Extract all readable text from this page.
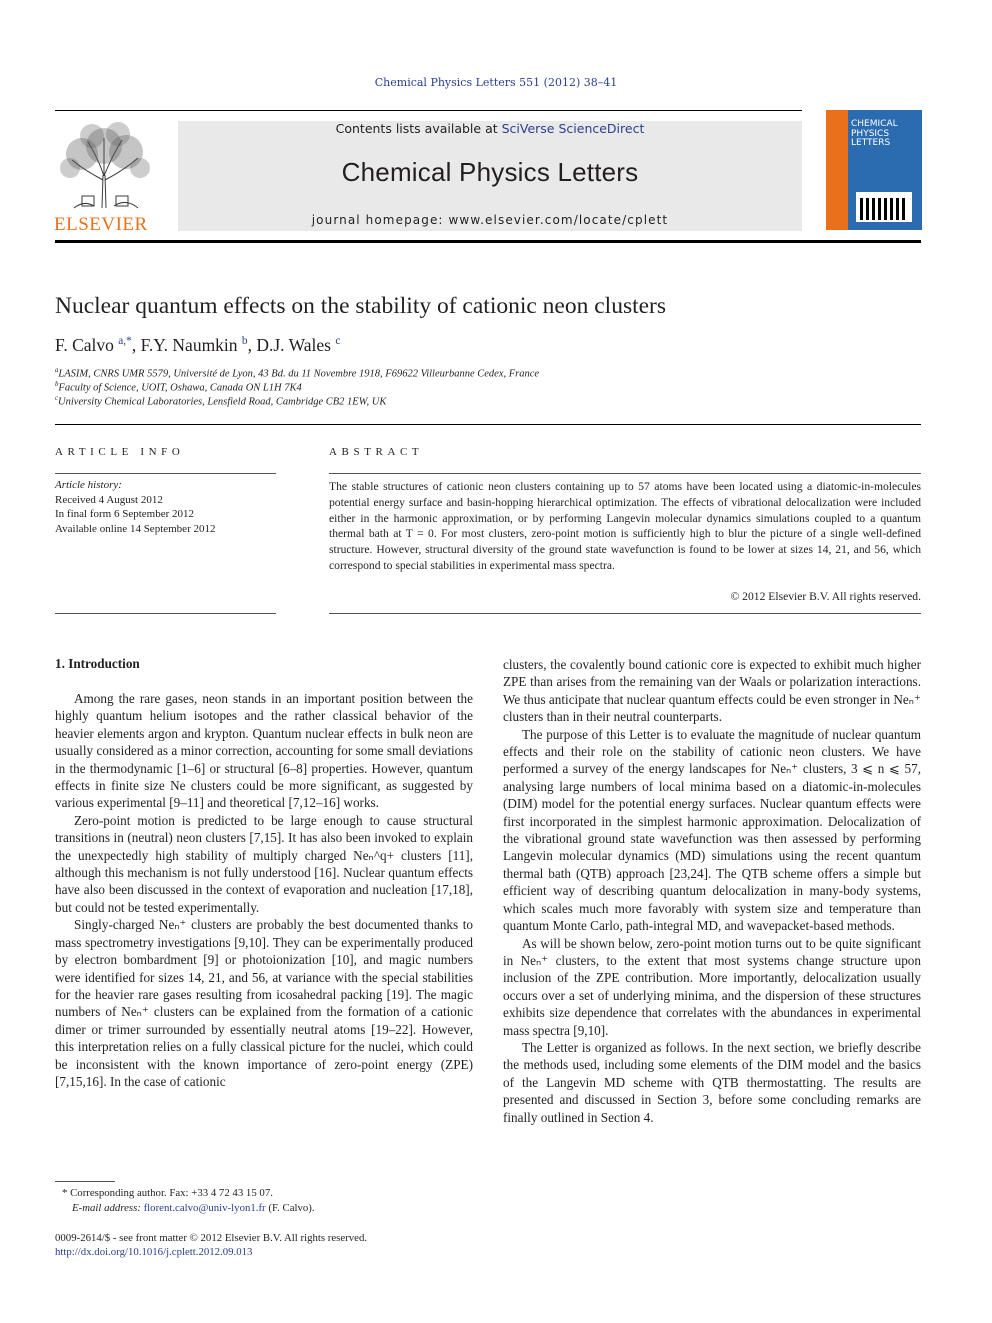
Chemical Physics Letters 551 (2012) 38–41
ELSEVIER
Contents lists available at SciVerse ScienceDirect
Chemical Physics Letters
journal homepage: www.elsevier.com/locate/cplett
CHEMICAL
PHYSICS
LETTERS
Nuclear quantum effects on the stability of cationic neon clusters
F. Calvo $^{a,*}$, F.Y. Naumkin $^b$, D.J. Wales $^c$
$^a$LASIM, CNRS UMR 5579, Université de Lyon, 43 Bd. du 11 Novembre 1918, F69622 Villeurbanne Cedex, France
$^b$Faculty of Science, UOIT, Oshawa, Canada ON L1H 7K4
$^c$University Chemical Laboratories, Lensfield Road, Cambridge CB2 1EW, UK
ARTICLE INFO
Article history:
Received 4 August 2012
In final form 6 September 2012
Available online 14 September 2012
ABSTRACT
The stable structures of cationic neon clusters containing up to 57 atoms have been located using a diatomic-in-molecules potential energy surface and basin-hopping hierarchical optimization. The effects of vibrational delocalization were included either in the harmonic approximation, or by performing Langevin molecular dynamics simulations coupled to a quantum thermal bath at T = 0. For most clusters, zero-point motion is sufficiently high to blur the picture of a single well-defined structure. However, structural diversity of the ground state wavefunction is found to be lower at sizes 14, 21, and 56, which correspond to special stabilities in experimental mass spectra.
© 2012 Elsevier B.V. All rights reserved.
1. Introduction

Among the rare gases, neon stands in an important position between the highly quantum helium isotopes and the rather classical behavior of the heavier elements argon and krypton. Quantum nuclear effects in bulk neon are usually considered as a minor correction, accounting for some small deviations in the thermodynamic [1–6] or structural [6–8] properties. However, quantum effects in finite size Ne clusters could be more significant, as suggested by various experimental [9–11] and theoretical [7,12–16] works.

Zero-point motion is predicted to be large enough to cause structural transitions in (neutral) neon clusters [7,15]. It has also been invoked to explain the unexpectedly high stability of multiply charged Neₙ^q+ clusters [11], although this mechanism is not fully understood [16]. Nuclear quantum effects have also been discussed in the context of evaporation and nucleation [17,18], but could not be tested experimentally.

Singly-charged Neₙ⁺ clusters are probably the best documented thanks to mass spectrometry investigations [9,10]. They can be experimentally produced by electron bombardment [9] or photoionization [10], and magic numbers were identified for sizes 14, 21, and 56, at variance with the special stabilities for the heavier rare gases resulting from icosahedral packing [19]. The magic numbers of Neₙ⁺ clusters can be explained from the formation of a cationic dimer or trimer surrounded by essentially neutral atoms [19–22]. However, this interpretation relies on a fully classical picture for the nuclei, which could be inconsistent with the known importance of zero-point energy (ZPE) [7,15,16]. In the case of cationic

clusters, the covalently bound cationic core is expected to exhibit much higher ZPE than arises from the remaining van der Waals or polarization interactions. We thus anticipate that nuclear quantum effects could be even stronger in Neₙ⁺ clusters than in their neutral counterparts.

The purpose of this Letter is to evaluate the magnitude of nuclear quantum effects and their role on the stability of cationic neon clusters. We have performed a survey of the energy landscapes for Neₙ⁺ clusters, 3 ⩽ n ⩽ 57, analysing large numbers of local minima based on a diatomic-in-molecules (DIM) model for the potential energy surfaces. Nuclear quantum effects were first incorporated in the simplest harmonic approximation. Delocalization of the vibrational ground state wavefunction was then assessed by performing Langevin molecular dynamics (MD) simulations using the recent quantum thermal bath (QTB) approach [23,24]. The QTB scheme offers a simple but efficient way of describing quantum delocalization in many-body systems, which scales much more favorably with system size and temperature than quantum Monte Carlo, path-integral MD, and wavepacket-based methods.

As will be shown below, zero-point motion turns out to be quite significant in Neₙ⁺ clusters, to the extent that most systems change structure upon inclusion of the ZPE contribution. More importantly, delocalization usually occurs over a set of underlying minima, and the dispersion of these structures exhibits size dependence that correlates with the abundances in experimental mass spectra [9,10].

The Letter is organized as follows. In the next section, we briefly describe the methods used, including some elements of the DIM model and the basics of the Langevin MD scheme with QTB thermostatting. The results are presented and discussed in Section 3, before some concluding remarks are finally outlined in Section 4.

* Corresponding author. Fax: +33 4 72 43 15 07.
E-mail address: florent.calvo@univ-lyon1.fr (F. Calvo).
0009-2614/$ - see front matter © 2012 Elsevier B.V. All rights reserved.
http://dx.doi.org/10.1016/j.cplett.2012.09.013
